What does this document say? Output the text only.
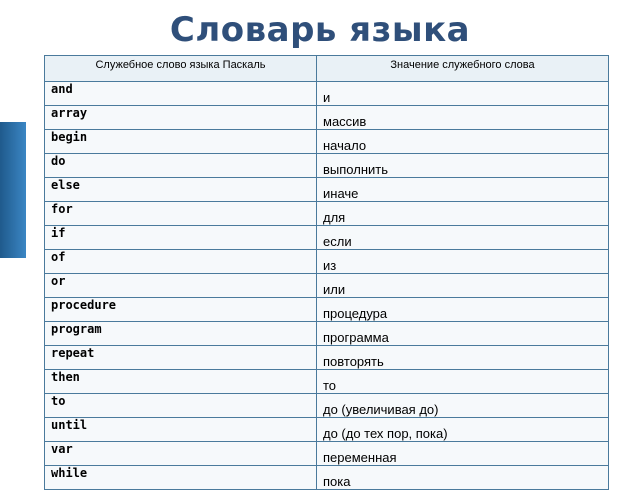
Словарь языка
Служебное слово языка Паскаль	Значение служебного слова
and	и
array	массив
begin	начало
do	выполнить
else	иначе
for	для
if	если
of	из
or	или
procedure	процедура
program	программа
repeat	повторять
then	то
to	до (увеличивая до)
until	до (до тех пор, пока)
var	переменная
while	пока
